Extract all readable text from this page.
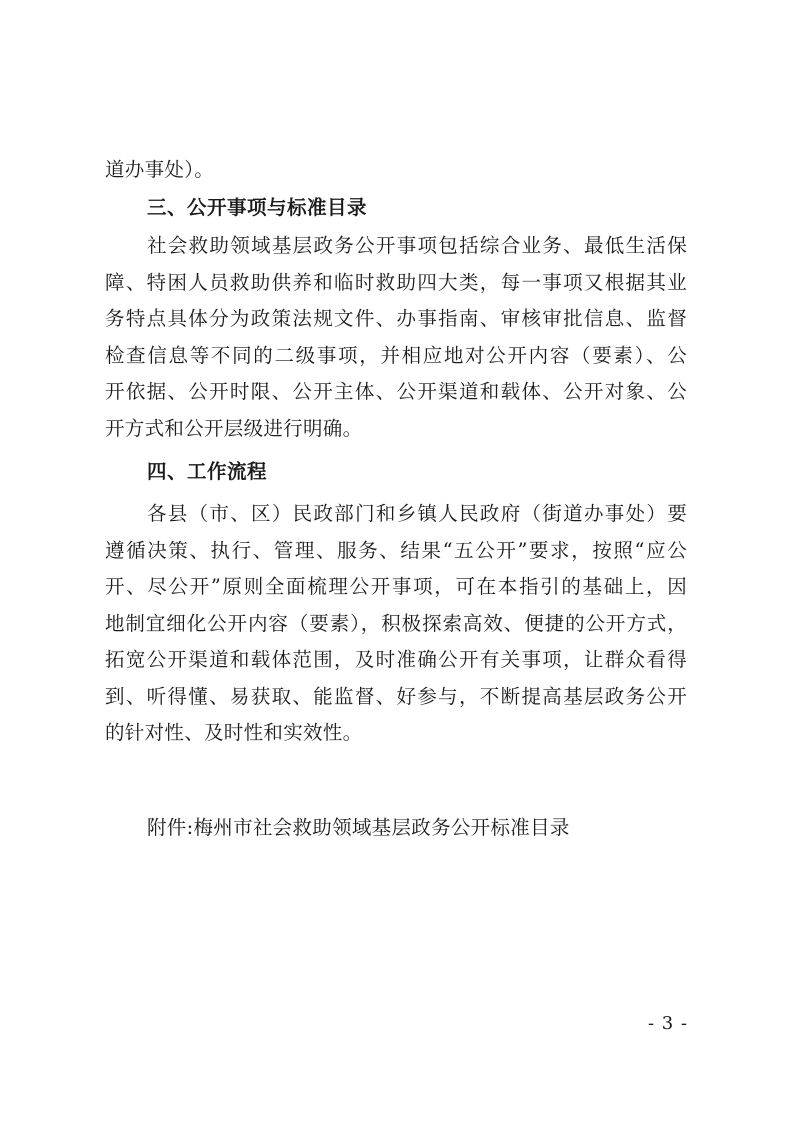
道办事处）。
三、公开事项与标准目录
社会救助领域基层政务公开事项包括综合业务、最低生活保
障、特困人员救助供养和临时救助四大类，每一事项又根据其业
务特点具体分为政策法规文件、办事指南、审核审批信息、监督
检查信息等不同的二级事项，并相应地对公开内容（要素）、公
开依据、公开时限、公开主体、公开渠道和载体、公开对象、公
开方式和公开层级进行明确。
四、工作流程
各县（市、区）民政部门和乡镇人民政府（街道办事处）要
遵循决策、执行、管理、服务、结果“五公开”要求，按照“应公
开、尽公开”原则全面梳理公开事项，可在本指引的基础上，因
地制宜细化公开内容（要素），积极探索高效、便捷的公开方式，
拓宽公开渠道和载体范围，及时准确公开有关事项，让群众看得
到、听得懂、易获取、能监督、好参与，不断提高基层政务公开
的针对性、及时性和实效性。
附件:梅州市社会救助领域基层政务公开标准目录
- 3 -
